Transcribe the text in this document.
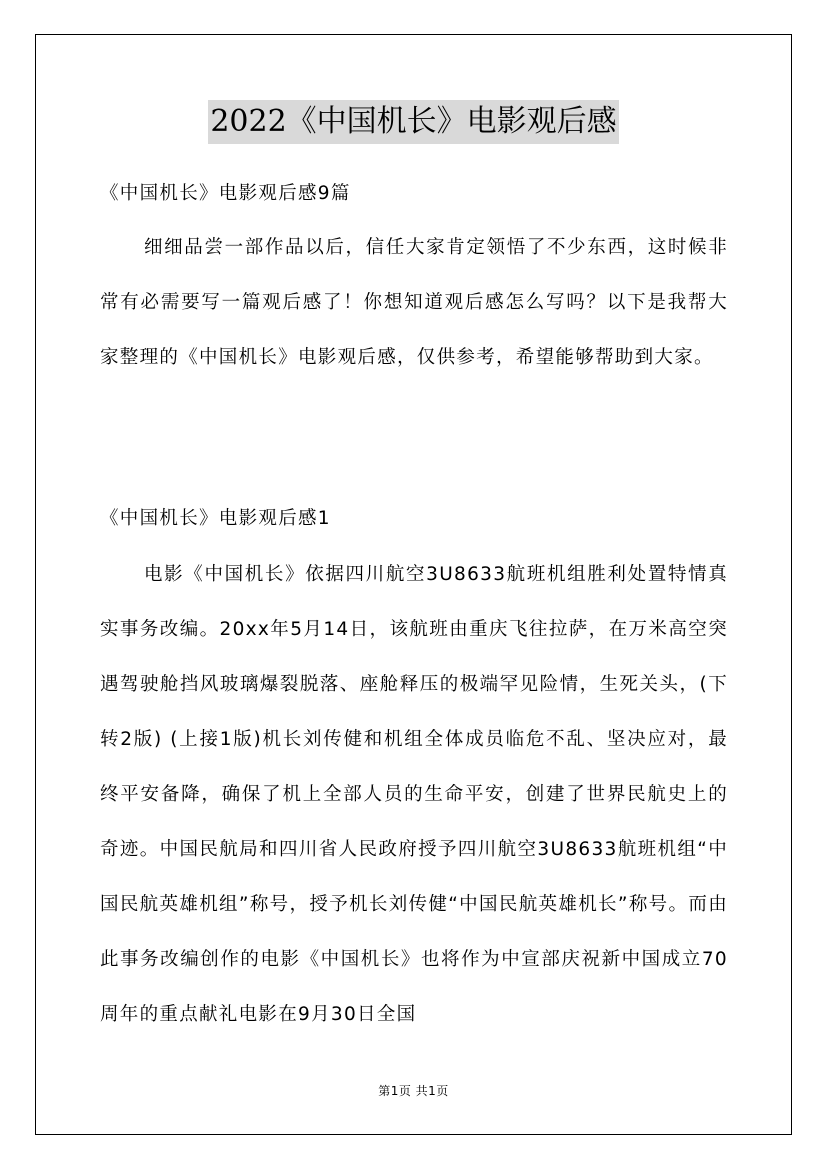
2022《中国机长》电影观后感
《中国机长》电影观后感9篇
细细品尝一部作品以后，信任大家肯定领悟了不少东西，这时候非常有必需要写一篇观后感了！你想知道观后感怎么写吗？以下是我帮大家整理的《中国机长》电影观后感，仅供参考，希望能够帮助到大家。
《中国机长》电影观后感1
电影《中国机长》依据四川航空3U8633航班机组胜利处置特情真实事务改编。20xx年5月14日，该航班由重庆飞往拉萨，在万米高空突遇驾驶舱挡风玻璃爆裂脱落、座舱释压的极端罕见险情，生死关头，(下转2版) (上接1版)机长刘传健和机组全体成员临危不乱、坚决应对，最终平安备降，确保了机上全部人员的生命平安，创建了世界民航史上的奇迹。中国民航局和四川省人民政府授予四川航空3U8633航班机组“中国民航英雄机组”称号，授予机长刘传健“中国民航英雄机长”称号。而由此事务改编创作的电影《中国机长》也将作为中宣部庆祝新中国成立70周年的重点献礼电影在9月30日全国
第1页 共1页
